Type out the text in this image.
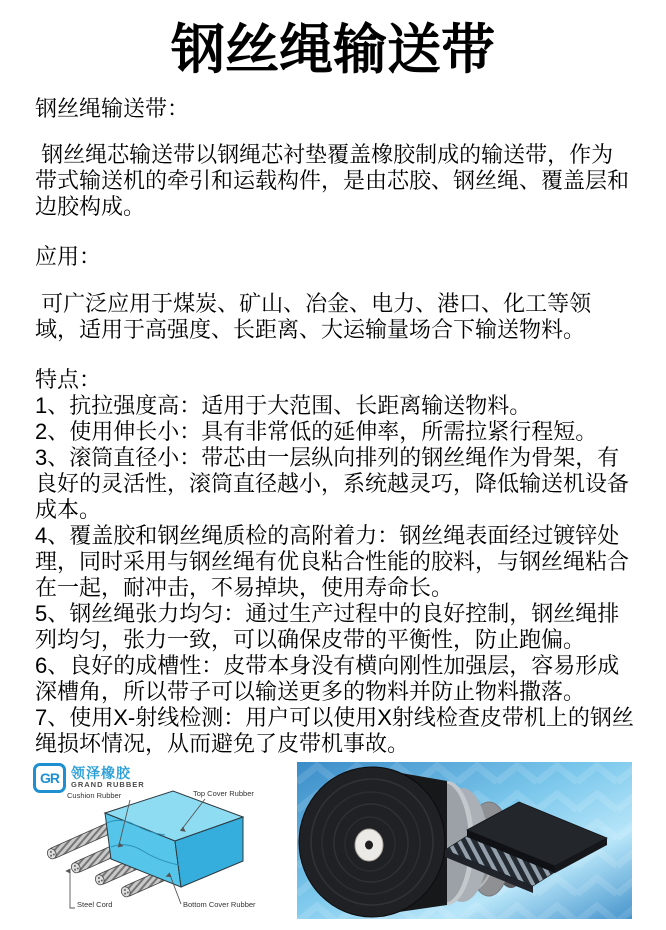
钢丝绳输送带

钢丝绳输送带：

钢丝绳芯输送带以钢绳芯衬垫覆盖橡胶制成的输送带，作为带式输送机的牵引和运载构件，是由芯胶、钢丝绳、覆盖层和边胶构成。

应用：

可广泛应用于煤炭、矿山、冶金、电力、港口、化工等领域，适用于高强度、长距离、大运输量场合下输送物料。

特点：

1、抗拉强度高：适用于大范围、长距离输送物料。

2、使用伸长小：具有非常低的延伸率，所需拉紧行程短。

3、滚筒直径小：带芯由一层纵向排列的钢丝绳作为骨架，有良好的灵活性，滚筒直径越小，系统越灵巧，降低输送机设备成本。

4、覆盖胶和钢丝绳质检的高附着力：钢丝绳表面经过镀锌处理，同时采用与钢丝绳有优良粘合性能的胶料，与钢丝绳粘合在一起，耐冲击，不易掉块，使用寿命长。

5、钢丝绳张力均匀：通过生产过程中的良好控制，钢丝绳排列均匀，张力一致，可以确保皮带的平衡性，防止跑偏。

6、良好的成槽性：皮带本身没有横向刚性加强层，容易形成深槽角，所以带子可以输送更多的物料并防止物料撒落。

7、使用X-射线检测：用户可以使用X射线检查皮带机上的钢丝绳损坏情况，从而避免了皮带机事故。

GR 领泽橡胶
GRAND RUBBER
Cushion Rubber	Top Cover Rubber
Steel Cord	Bottom Cover Rubber
